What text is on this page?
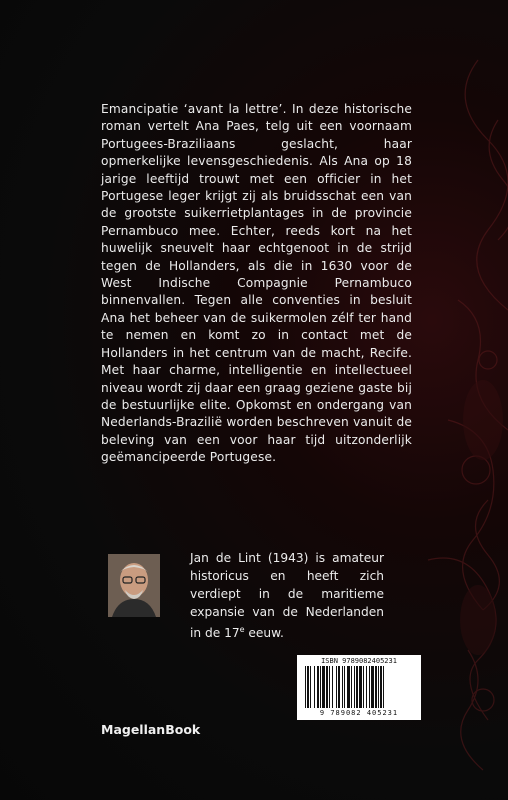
Emancipatie ‘avant la lettre’. In deze historische roman vertelt Ana Paes, telg uit een voornaam Portugees-Braziliaans geslacht, haar opmerkelijke levensgeschiedenis. Als Ana op 18 jarige leeftijd trouwt met een officier in het Portugese leger krijgt zij als bruidsschat een van de grootste suikerrietplantages in de provincie Pernambuco mee. Echter, reeds kort na het huwelijk sneuvelt haar echtgenoot in de strijd tegen de Hollanders, als die in 1630 voor de West Indische Compagnie Pernambuco binnenvallen. Tegen alle conventies in besluit Ana het beheer van de suikermolen zélf ter hand te nemen en komt zo in contact met de Hollanders in het centrum van de macht, Recife. Met haar charme, intelligentie en intellectueel niveau wordt zij daar een graag geziene gaste bij de bestuurlijke elite. Opkomst en ondergang van Nederlands-Brazilië worden beschreven vanuit de beleving van een voor haar tijd uitzonderlijk geëmancipeerde Portugese.
Jan de Lint (1943) is amateur historicus en heeft zich verdiept in de maritieme expansie van de Nederlanden in de 17e eeuw.
ISBN 9789082405231
9 789082 405231
MagellanBook
